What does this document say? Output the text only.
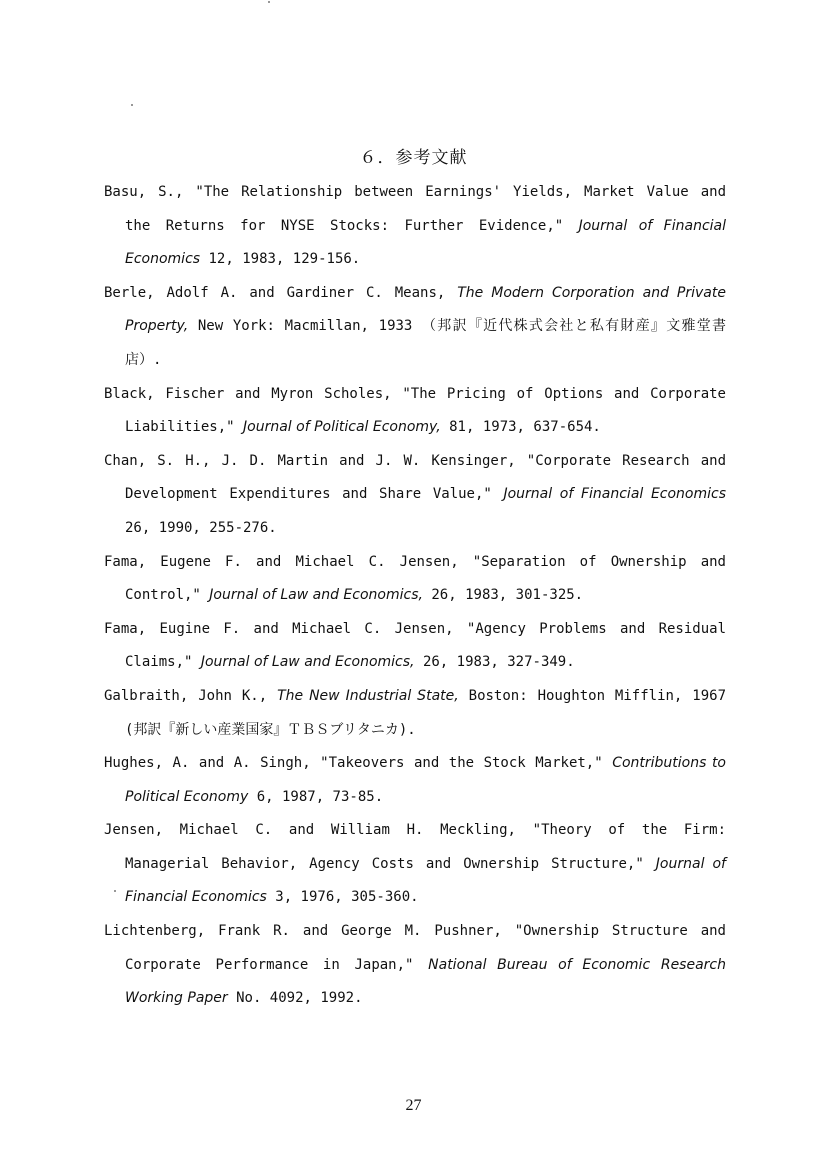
６．参考文献

Basu, S., "The Relationship between Earnings' Yields, Market Value and the Returns for NYSE Stocks: Further Evidence," Journal of Financial Economics 12, 1983, 129-156.

Berle, Adolf A. and Gardiner C. Means, The Modern Corporation and Private Property, New York: Macmillan, 1933 （邦訳『近代株式会社と私有財産』文雅堂書店）.

Black, Fischer and Myron Scholes, "The Pricing of Options and Corporate Liabilities," Journal of Political Economy, 81, 1973, 637-654.

Chan, S. H., J. D. Martin and J. W. Kensinger, "Corporate Research and Development Expenditures and Share Value," Journal of Financial Economics 26, 1990, 255-276.

Fama, Eugene F. and Michael C. Jensen, "Separation of Ownership and Control," Journal of Law and Economics, 26, 1983, 301-325.

Fama, Eugine F. and Michael C. Jensen, "Agency Problems and Residual Claims," Journal of Law and Economics, 26, 1983, 327-349.

Galbraith, John K., The New Industrial State, Boston: Houghton Mifflin, 1967 (邦訳『新しい産業国家』ＴＢＳブリタニカ).

Hughes, A. and A. Singh, "Takeovers and the Stock Market," Contributions to Political Economy 6, 1987, 73-85.

Jensen, Michael C. and William H. Meckling, "Theory of the Firm: Managerial Behavior, Agency Costs and Ownership Structure," Journal of Financial Economics 3, 1976, 305-360.

Lichtenberg, Frank R. and George M. Pushner, "Ownership Structure and Corporate Performance in Japan," National Bureau of Economic Research Working Paper No. 4092, 1992.

27
